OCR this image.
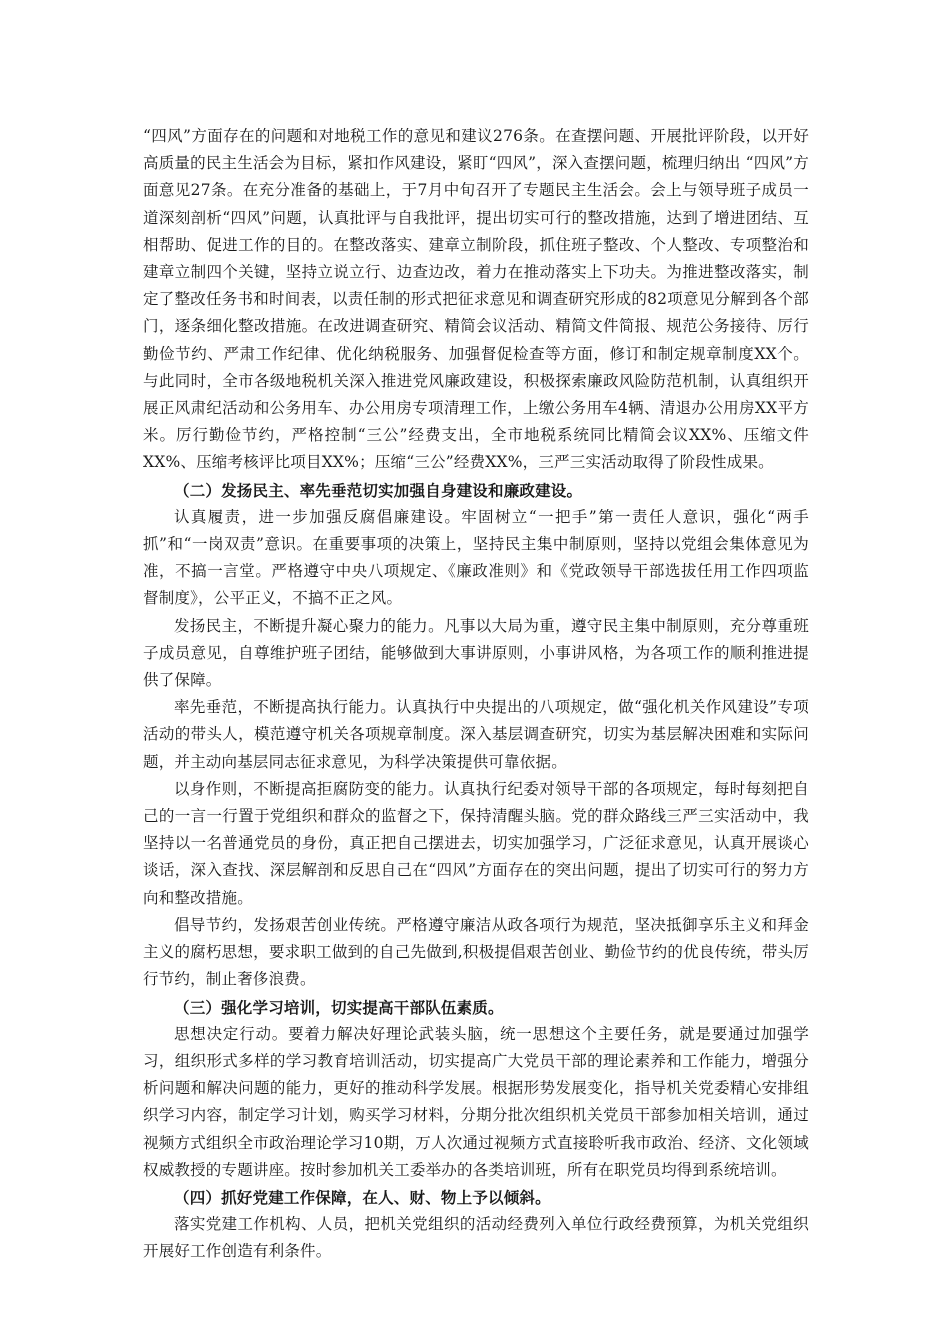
“四风”方面存在的问题和对地税工作的意见和建议276条。在查摆问题、开展批评阶段，以开好高质量的民主生活会为目标，紧扣作风建设，紧盯“四风”，深入查摆问题，梳理归纳出 “四风”方面意见27条。在充分准备的基础上，于7月中旬召开了专题民主生活会。会上与领导班子成员一道深刻剖析“四风”问题，认真批评与自我批评，提出切实可行的整改措施，达到了增进团结、互相帮助、促进工作的目的。在整改落实、建章立制阶段，抓住班子整改、个人整改、专项整治和建章立制四个关键，坚持立说立行、边查边改，着力在推动落实上下功夫。为推进整改落实，制定了整改任务书和时间表，以责任制的形式把征求意见和调查研究形成的82项意见分解到各个部门，逐条细化整改措施。在改进调查研究、精简会议活动、精简文件简报、规范公务接待、厉行勤俭节约、严肃工作纪律、优化纳税服务、加强督促检查等方面，修订和制定规章制度XX个。与此同时，全市各级地税机关深入推进党风廉政建设，积极探索廉政风险防范机制，认真组织开展正风肃纪活动和公务用车、办公用房专项清理工作，上缴公务用车4辆、清退办公用房XX平方米。厉行勤俭节约，严格控制“三公”经费支出，全市地税系统同比精简会议XX%、压缩文件XX%、压缩考核评比项目XX%；压缩“三公”经费XX%，三严三实活动取得了阶段性成果。

（二）发扬民主、率先垂范切实加强自身建设和廉政建设。

认真履责，进一步加强反腐倡廉建设。牢固树立“一把手”第一责任人意识，强化“两手抓”和“一岗双责”意识。在重要事项的决策上，坚持民主集中制原则，坚持以党组会集体意见为准，不搞一言堂。严格遵守中央八项规定、《廉政准则》和《党政领导干部选拔任用工作四项监督制度》，公平正义，不搞不正之风。

发扬民主，不断提升凝心聚力的能力。凡事以大局为重，遵守民主集中制原则，充分尊重班子成员意见，自尊维护班子团结，能够做到大事讲原则，小事讲风格，为各项工作的顺利推进提供了保障。

率先垂范，不断提高执行能力。认真执行中央提出的八项规定，做“强化机关作风建设”专项活动的带头人，模范遵守机关各项规章制度。深入基层调查研究，切实为基层解决困难和实际问题，并主动向基层同志征求意见，为科学决策提供可靠依据。

以身作则，不断提高拒腐防变的能力。认真执行纪委对领导干部的各项规定，每时每刻把自己的一言一行置于党组织和群众的监督之下，保持清醒头脑。党的群众路线三严三实活动中，我坚持以一名普通党员的身份，真正把自己摆进去，切实加强学习，广泛征求意见，认真开展谈心谈话，深入查找、深层解剖和反思自己在“四风”方面存在的突出问题，提出了切实可行的努力方向和整改措施。

倡导节约，发扬艰苦创业传统。严格遵守廉洁从政各项行为规范，坚决抵御享乐主义和拜金主义的腐朽思想，要求职工做到的自己先做到,积极提倡艰苦创业、勤俭节约的优良传统，带头厉行节约，制止奢侈浪费。

（三）强化学习培训，切实提高干部队伍素质。

思想决定行动。要着力解决好理论武装头脑，统一思想这个主要任务，就是要通过加强学习，组织形式多样的学习教育培训活动，切实提高广大党员干部的理论素养和工作能力，增强分析问题和解决问题的能力，更好的推动科学发展。根据形势发展变化，指导机关党委精心安排组织学习内容，制定学习计划，购买学习材料，分期分批次组织机关党员干部参加相关培训，通过视频方式组织全市政治理论学习10期，万人次通过视频方式直接聆听我市政治、经济、文化领域权威教授的专题讲座。按时参加机关工委举办的各类培训班，所有在职党员均得到系统培训。

（四）抓好党建工作保障，在人、财、物上予以倾斜。

落实党建工作机构、人员，把机关党组织的活动经费列入单位行政经费预算，为机关党组织开展好工作创造有利条件。
